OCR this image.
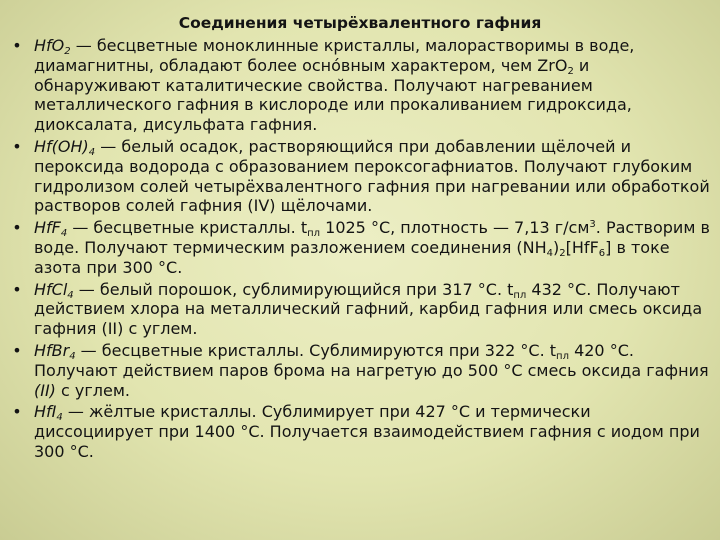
Соединения четырёхвалентного гафния
• HfO$_2$ — бесцветные моноклинные кристаллы, малорастворимы в воде, диамагнитны, обладают более осно́вным характером, чем ZrO$_2$ и обнаруживают каталитические свойства. Получают нагреванием металлического гафния в кислороде или прокаливанием гидроксида, диоксалата, дисульфата гафния.
• $Hf(OH)_4$ — белый осадок, растворяющийся при добавлении щёлочей и пероксида водорода с образованием пероксогафниатов. Получают глубоким гидролизом солей четырёхвалентного гафния при нагревании или обработкой растворов солей гафния (IV) щёлочами.
• HfF$_4$ — бесцветные кристаллы. $t_{пл}$ 1025 °C, плотность — 7,13 $г/см^3$. Растворим в воде. Получают термическим разложением соединения $(NH_4)_2[HfF_6]$ в токе азота при 300 °C.
• HfCl$_4$ — белый порошок, сублимирующийся при 317 °C. $t_{пл}$ 432 °C. Получают действием хлора на металлический гафний, карбид гафния или смесь оксида гафния (II) с углем.
• HfBr$_4$ — бесцветные кристаллы. Сублимируются при 322 °C. $t_{пл}$ 420 °C. Получают действием паров брома на нагретую до 500 °C смесь оксида гафния (II) с углем.
• HfI$_4$ — жёлтые кристаллы. Сублимирует при 427 °C и термически диссоциирует при 1400 °C. Получается взаимодействием гафния с иодом при 300 °C.
